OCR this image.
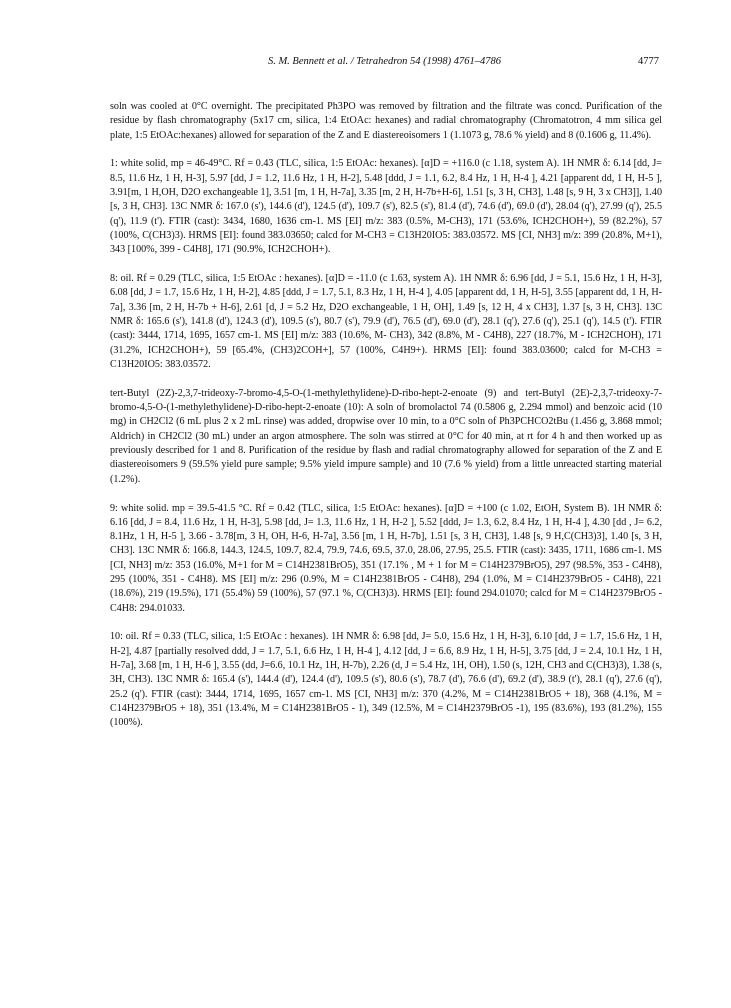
S. M. Bennett et al. / Tetrahedron 54 (1998) 4761–4786	4777

soln was cooled at 0°C overnight. The precipitated Ph3PO was removed by filtration and the filtrate was concd. Purification of the residue by flash chromatography (5x17 cm, silica, 1:4 EtOAc: hexanes) and radial chromatography (Chromatotron, 4 mm silica gel plate, 1:5 EtOAc:hexanes) allowed for separation of the Z and E diastereoisomers 1 (1.1073 g, 78.6 % yield) and 8 (0.1606 g, 11.4%).

1: white solid, mp = 46-49°C. Rf = 0.43 (TLC, silica, 1:5 EtOAc: hexanes). [α]D = +116.0 (c 1.18, system A). 1H NMR δ: 6.14 [dd, J= 8.5, 11.6 Hz, 1 H, H-3], 5.97 [dd, J = 1.2, 11.6 Hz, 1 H, H-2], 5.48 [ddd, J = 1.1, 6.2, 8.4 Hz, 1 H, H-4 ], 4.21 [apparent dd, 1 H, H-5 ], 3.91[m, 1 H,OH, D2O exchangeable 1], 3.51 [m, 1 H, H-7a], 3.35 [m, 2 H, H-7b+H-6], 1.51 [s, 3 H, CH3], 1.48 [s, 9 H, 3 x CH3]], 1.40 [s, 3 H, CH3]. 13C NMR δ: 167.0 (s'), 144.6 (d'), 124.5 (d'), 109.7 (s'), 82.5 (s'), 81.4 (d'), 74.6 (d'), 69.0 (d'), 28.04 (q'), 27.99 (q'), 25.5 (q'), 11.9 (t'). FTIR (cast): 3434, 1680, 1636 cm-1. MS [EI] m/z: 383 (0.5%, M-CH3), 171 (53.6%, ICH2CHOH+), 59 (82.2%), 57 (100%, C(CH3)3). HRMS [EI]: found 383.03650; calcd for M-CH3 = C13H20IO5: 383.03572. MS [CI, NH3] m/z: 399 (20.8%, M+1), 343 [100%, 399 - C4H8], 171 (90.9%, ICH2CHOH+).

8: oil. Rf = 0.29 (TLC, silica, 1:5 EtOAc : hexanes). [α]D = -11.0 (c 1.63, system A). 1H NMR δ: 6.96 [dd, J = 5.1, 15.6 Hz, 1 H, H-3], 6.08 [dd, J = 1.7, 15.6 Hz, 1 H, H-2], 4.85 [ddd, J = 1.7, 5.1, 8.3 Hz, 1 H, H-4 ], 4.05 [apparent dd, 1 H, H-5], 3.55 [apparent dd, 1 H, H-7a], 3.36 [m, 2 H, H-7b + H-6], 2.61 [d, J = 5.2 Hz, D2O exchangeable, 1 H, OH], 1.49 [s, 12 H, 4 x CH3], 1.37 [s, 3 H, CH3]. 13C NMR δ: 165.6 (s'), 141.8 (d'), 124.3 (d'), 109.5 (s'), 80.7 (s'), 79.9 (d'), 76.5 (d'), 69.0 (d'), 28.1 (q'), 27.6 (q'), 25.1 (q'), 14.5 (t'). FTIR (cast): 3444, 1714, 1695, 1657 cm-1. MS [EI] m/z: 383 (10.6%, M- CH3), 342 (8.8%, M - C4H8), 227 (18.7%, M - ICH2CHOH), 171 (31.2%, ICH2CHOH+), 59 [65.4%, (CH3)2COH+], 57 (100%, C4H9+). HRMS [EI]: found 383.03600; calcd for M-CH3 = C13H20IO5: 383.03572.

tert-Butyl (2Z)-2,3,7-trideoxy-7-bromo-4,5-O-(1-methylethylidene)-D-ribo-hept-2-enoate (9) and tert-Butyl (2E)-2,3,7-trideoxy-7-bromo-4,5-O-(1-methylethylidene)-D-ribo-hept-2-enoate (10): A soln of bromolactol 74 (0.5806 g, 2.294 mmol) and benzoic acid (10 mg) in CH2Cl2 (6 mL plus 2 x 2 mL rinse) was added, dropwise over 10 min, to a 0°C soln of Ph3PCHCO2tBu (1.456 g, 3.868 mmol; Aldrich) in CH2Cl2 (30 mL) under an argon atmosphere. The soln was stirred at 0°C for 40 min, at rt for 4 h and then worked up as previously described for 1 and 8. Purification of the residue by flash and radial chromatography allowed for separation of the Z and E diastereoisomers 9 (59.5% yield pure sample; 9.5% yield impure sample) and 10 (7.6 % yield) from a little unreacted starting material (1.2%).

9: white solid. mp = 39.5-41.5 °C. Rf = 0.42 (TLC, silica, 1:5 EtOAc: hexanes). [α]D = +100 (c 1.02, EtOH, System B). 1H NMR δ: 6.16 [dd, J = 8.4, 11.6 Hz, 1 H, H-3], 5.98 [dd, J= 1.3, 11.6 Hz, 1 H, H-2 ], 5.52 [ddd, J= 1.3, 6.2, 8.4 Hz, 1 H, H-4 ], 4.30 [dd , J= 6.2, 8.1Hz, 1 H, H-5 ], 3.66 - 3.78[m, 3 H, OH, H-6, H-7a], 3.56 [m, 1 H, H-7b], 1.51 [s, 3 H, CH3], 1.48 [s, 9 H,C(CH3)3], 1.40 [s, 3 H, CH3]. 13C NMR δ: 166.8, 144.3, 124.5, 109.7, 82.4, 79.9, 74.6, 69.5, 37.0, 28.06, 27.95, 25.5. FTIR (cast): 3435, 1711, 1686 cm-1. MS [CI, NH3] m/z: 353 (16.0%, M+1 for M = C14H2381BrO5), 351 (17.1% , M + 1 for M = C14H2379BrO5), 297 (98.5%, 353 - C4H8), 295 (100%, 351 - C4H8). MS [EI] m/z: 296 (0.9%, M = C14H2381BrO5 - C4H8), 294 (1.0%, M = C14H2379BrO5 - C4H8), 221 (18.6%), 219 (19.5%), 171 (55.4%) 59 (100%), 57 (97.1 %, C(CH3)3). HRMS [EI]: found 294.01070; calcd for M = C14H2379BrO5 - C4H8: 294.01033.

10: oil. Rf = 0.33 (TLC, silica, 1:5 EtOAc : hexanes). 1H NMR δ: 6.98 [dd, J= 5.0, 15.6 Hz, 1 H, H-3], 6.10 [dd, J = 1.7, 15.6 Hz, 1 H, H-2], 4.87 [partially resolved ddd, J = 1.7, 5.1, 6.6 Hz, 1 H, H-4 ], 4.12 [dd, J = 6.6, 8.9 Hz, 1 H, H-5], 3.75 [dd, J = 2.4, 10.1 Hz, 1 H, H-7a], 3.68 [m, 1 H, H-6 ], 3.55 (dd, J=6.6, 10.1 Hz, 1H, H-7b), 2.26 (d, J = 5.4 Hz, 1H, OH), 1.50 (s, 12H, CH3 and C(CH3)3), 1.38 (s, 3H, CH3). 13C NMR δ: 165.4 (s'), 144.4 (d'), 124.4 (d'), 109.5 (s'), 80.6 (s'), 78.7 (d'), 76.6 (d'), 69.2 (d'), 38.9 (t'), 28.1 (q'), 27.6 (q'), 25.2 (q'). FTIR (cast): 3444, 1714, 1695, 1657 cm-1. MS [CI, NH3] m/z: 370 (4.2%, M = C14H2381BrO5 + 18), 368 (4.1%, M = C14H2379BrO5 + 18), 351 (13.4%, M = C14H2381BrO5 - 1), 349 (12.5%, M = C14H2379BrO5 -1), 195 (83.6%), 193 (81.2%), 155 (100%).
